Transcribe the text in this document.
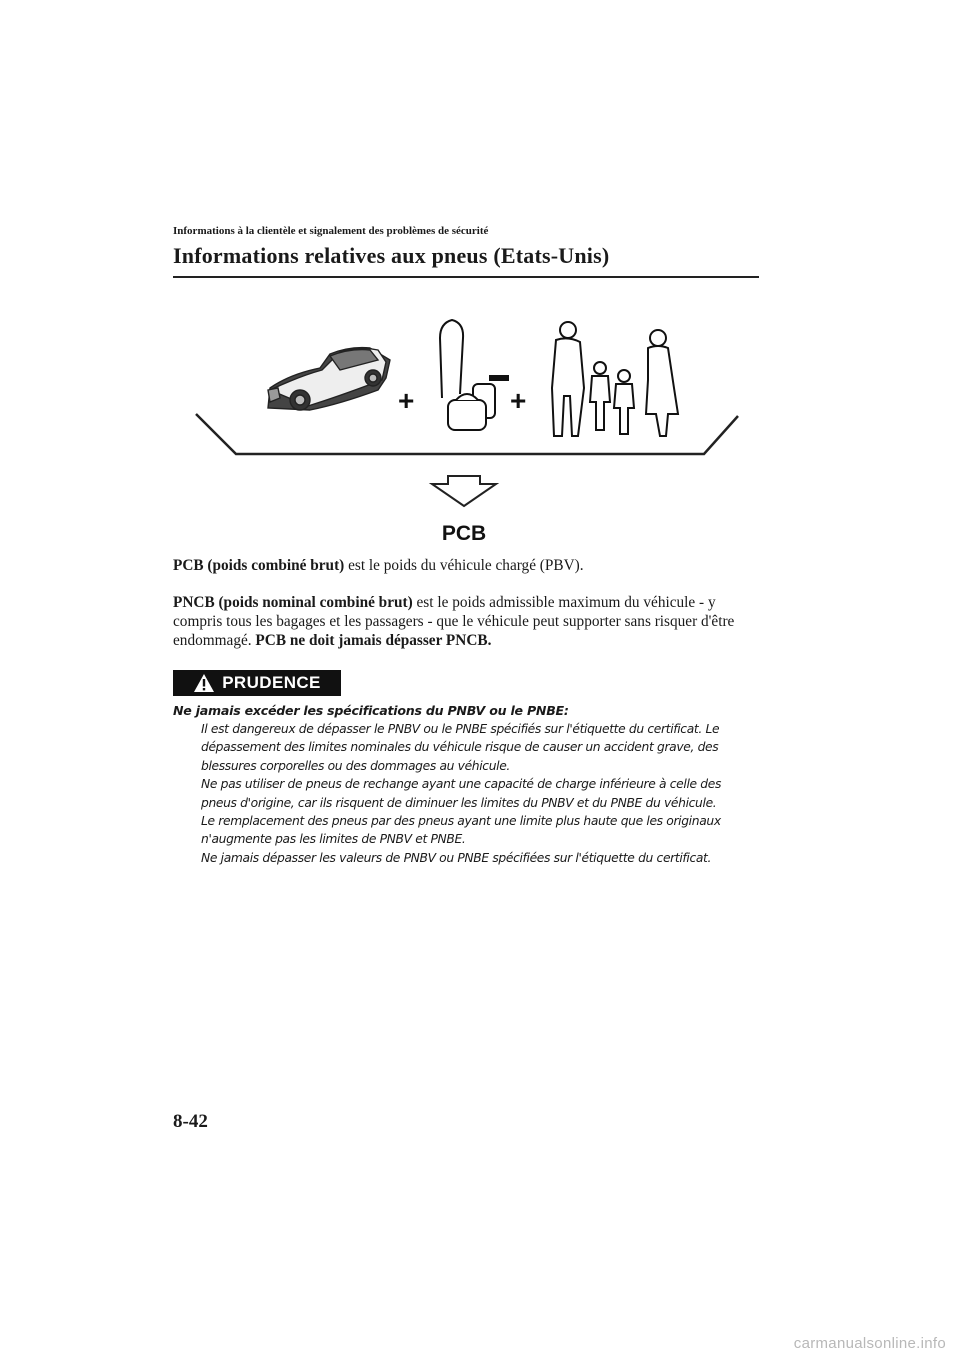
Informations à la clientèle et signalement des problèmes de sécurité
Informations relatives aux pneus (Etats-Unis)
+	+
PCB
PCB (poids combiné brut) est le poids du véhicule chargé (PBV).
PNCB (poids nominal combiné brut) est le poids admissible maximum du véhicule - y compris tous les bagages et les passagers - que le véhicule peut supporter sans risquer d'être endommagé. PCB ne doit jamais dépasser PNCB.
PRUDENCE
Ne jamais excéder les spécifications du PNBV ou le PNBE:
Il est dangereux de dépasser le PNBV ou le PNBE spécifiés sur l'étiquette du certificat. Le
dépassement des limites nominales du véhicule risque de causer un accident grave, des
blessures corporelles ou des dommages au véhicule.
Ne pas utiliser de pneus de rechange ayant une capacité de charge inférieure à celle des
pneus d'origine, car ils risquent de diminuer les limites du PNBV et du PNBE du véhicule.
Le remplacement des pneus par des pneus ayant une limite plus haute que les originaux
n'augmente pas les limites de PNBV et PNBE.
Ne jamais dépasser les valeurs de PNBV ou PNBE spécifiées sur l'étiquette du certificat.
8-42
carmanualsonline.info
